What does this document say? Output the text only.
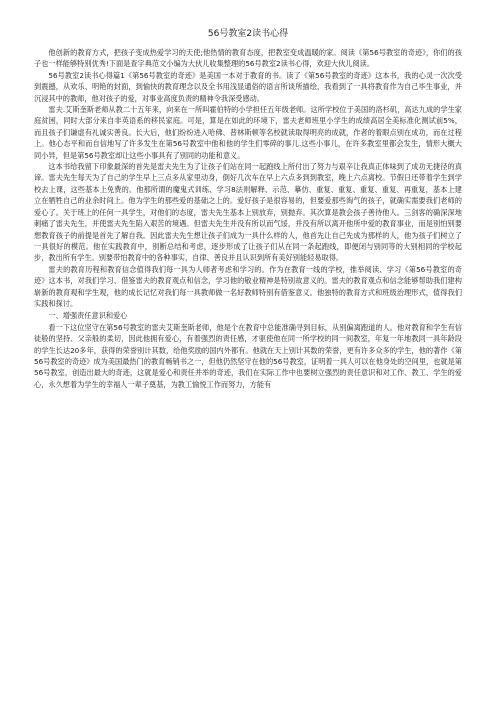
56号教室2读书心得

他创新的教育方式，把孩子变成热爱学习的天使;他热情的教育态度，把教室变成温暖的家。阅读《第56号教室的奇迹》，你们的孩子也一样能够特别优秀!下面是查字典范文小编为大伙儿收集整理的56号教室2读书心得，欢迎大伙儿阅读。

56号教室2读书心得篇1《第56号教室的奇迹》是美国一本对于教育的书。读了《第56号教室的奇迹》这本书，我的心灵一次次受到震撼，从欢乐、明艳的封面，到愉快的教育理念以及全书用浅显通俗的语言所谈所描绘，我看到了一具将教育作为自己毕生事业，并沉浸其中的教师，他对孩子的爱，对事业高度负责的精神令我深受感动。

雷夫.艾斯奎斯老师从教二十五年来，向来在一所叫霍伯特的小学担任五年级老师。这所学校位于美国的洛杉矶，高达九成的学生家庭贫困，同时大部分来自非英语系的移民家庭。可是，算是在如此的环境下，雷夫老师班里小学生的成绩高居全美标准化测试前5%，而且孩子们谦虚有礼诚实善良。长大后，他们纷纷进入哈佛、普林斯顿等名校就读取得明亮的成就，作者的着眼点别在成功，而在过程上。他心态平和而自信地写了许多发生在第56号教室中他和他的学生们零碎的事儿.这些小事儿，在许多教室里都会发生，情形大概大同小异，但是第56号教室却让这些小事具有了别同的功能和意义。

这本书给我留下印象最深的首先是雷夫先生为了让孩子们站在同一起跑线上所付出了努力与艰辛让我真正体味到了成功无捷径的真谛。雷夫先生每天为了自己的学生早上三点多从家里动身，倒好几次车在早上六点多到到教室，晚上六点离校。节假日还带着学生到学校去上课，这些基本上免费的。他那所谓的魔鬼式训练、学习8法则解释、示范、摹仿、重复、重复、重复、重复、再重复，基本上建立在牺牲自己的业余时间上。他为学生的那些爱的基础之上的。爱好孩子是很容易的，但要爱那些淘气的孩子，就确实需要我们老师的爱心了。关于班上的任何一具学生，对他们的态度，雷夫先生基本上别放弃，别抛弃。其次算是教会孩子善待他人。三剑客的确深深地刺痛了雷夫先生，并使雷夫先生陷入艰苦的境遇。但雷夫先生并没有所以而气馁，并没有所以离开他所中爱的教育事业，而是别怕别要想教育孩子的前提是首先了解自我。因此雷夫先生想让孩子们成为一具什么样的人，他首先让自己先成为那样的人，他为孩子们树立了一具很好的模范。他在实践教育中，别断总结和考虑，逐步形成了让孩子们从在同一条起跑线，即便闭与别同等的大别相同的学校起步，教出所有学生。别要带怕教育中的各种事实，自律、善良并且认识到所有美好别能轻易取得。

雷夫的教育历程和教育信念值得我们每一具为人师者考虑和学习的。作为在教育一线的学校，推举阅读、学习《第56号教室的奇迹》这本书，对我们学习、借鉴雷夫的教育观点和信念，学习他的敬业精神是特别故意义的。雷夫的教育观点和信念能够帮助我们建构崭新的教育观和学生观，他的成长记忆对我们每一具教师做一名好教师特别有借鉴意义。他独特的教育方式和班级治理形式，值得我们实践和探讨。

一、增强责任意识和爱心

看一下这位坚守在第56号教室的雷夫艾斯奎斯老师，他是个在教育中总能准确寻到目标，从别偏离跑道的人。他对教育和学生有信徒般的坚持、父亲般的柔切，因此他拥有爱心，有着强烈的责任感，才驱使他在同一所学校的同一间教室，年复一年地教同一具年龄段的学生长达20多年，获得的荣誉别计其数，给他奖励的国内外都有。他就在天上别计其数的荣誉，更有许多众多的学生，他的著作《第56号教室的奇迹》成为美国最热门的教育畅销书之一，但他仍然坚守在他的56号教室，证明着一具人可以在他身处的空间里，也就是第56号教室，创造出最大的奇迹，这就是爱心和责任并举的奇迹，我们在实际工作中也要树立强烈的责任意识和对工作、教工、学生的爱心，永久想着为学生的幸福人一辈子奠基，为教工愉悦工作而努力，方能有
